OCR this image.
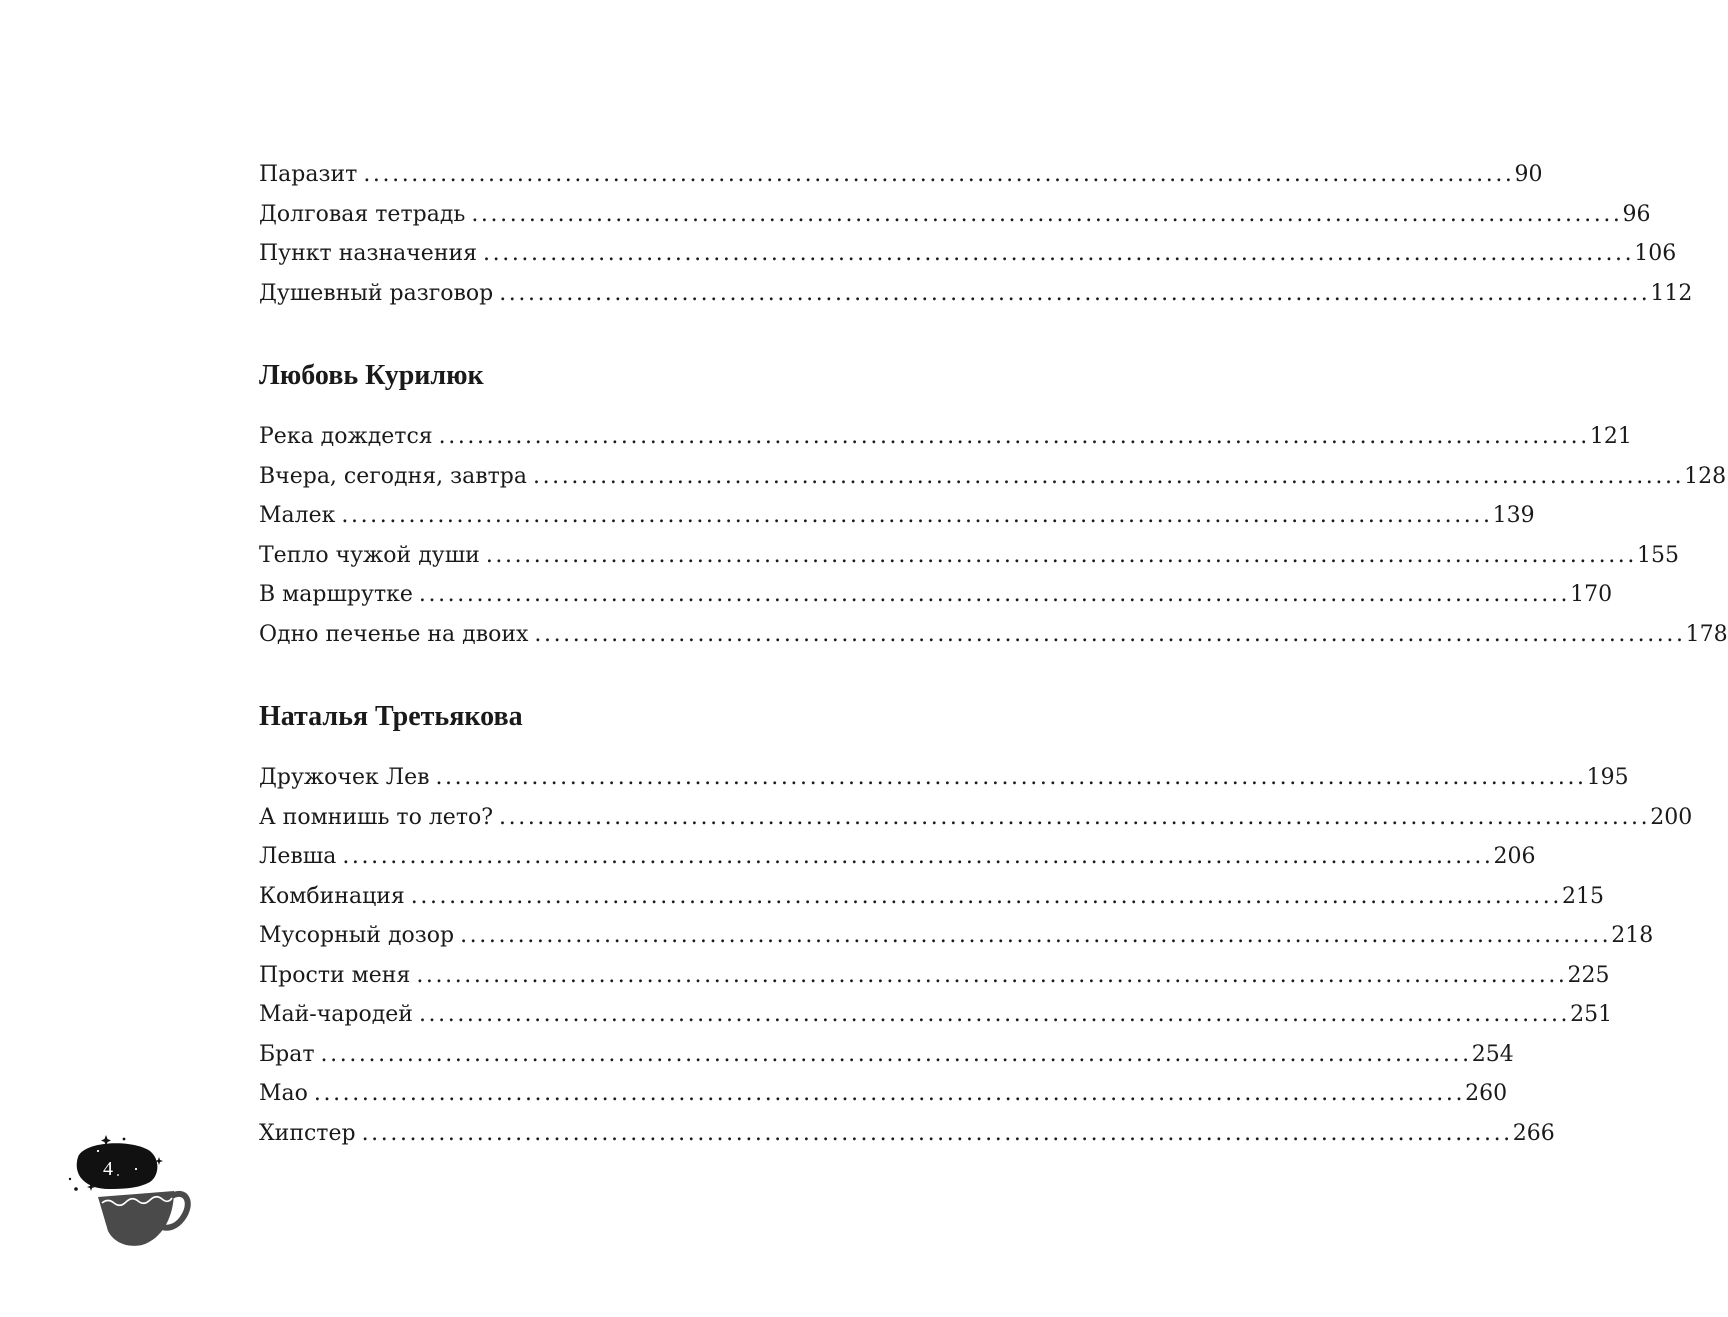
Паразит ........................................................................................................................ 90
Долговая тетрадь ........................................................................................................................ 96
Пункт назначения ........................................................................................................................ 106
Душевный разговор ........................................................................................................................ 112
Любовь Курилюк
Река дождется ........................................................................................................................ 121
Вчера, сегодня, завтра ........................................................................................................................ 128
Малек ........................................................................................................................ 139
Тепло чужой души ........................................................................................................................ 155
В маршрутке ........................................................................................................................ 170
Одно печенье на двоих ........................................................................................................................ 178
Наталья Третьякова
Дружочек Лев ........................................................................................................................ 195
А помнишь то лето? ........................................................................................................................ 200
Левша ........................................................................................................................ 206
Комбинация ........................................................................................................................ 215
Мусорный дозор ........................................................................................................................ 218
Прости меня ........................................................................................................................ 225
Май-чародей ........................................................................................................................ 251
Брат ........................................................................................................................ 254
Мао ........................................................................................................................ 260
Хипстер ........................................................................................................................ 266
4
